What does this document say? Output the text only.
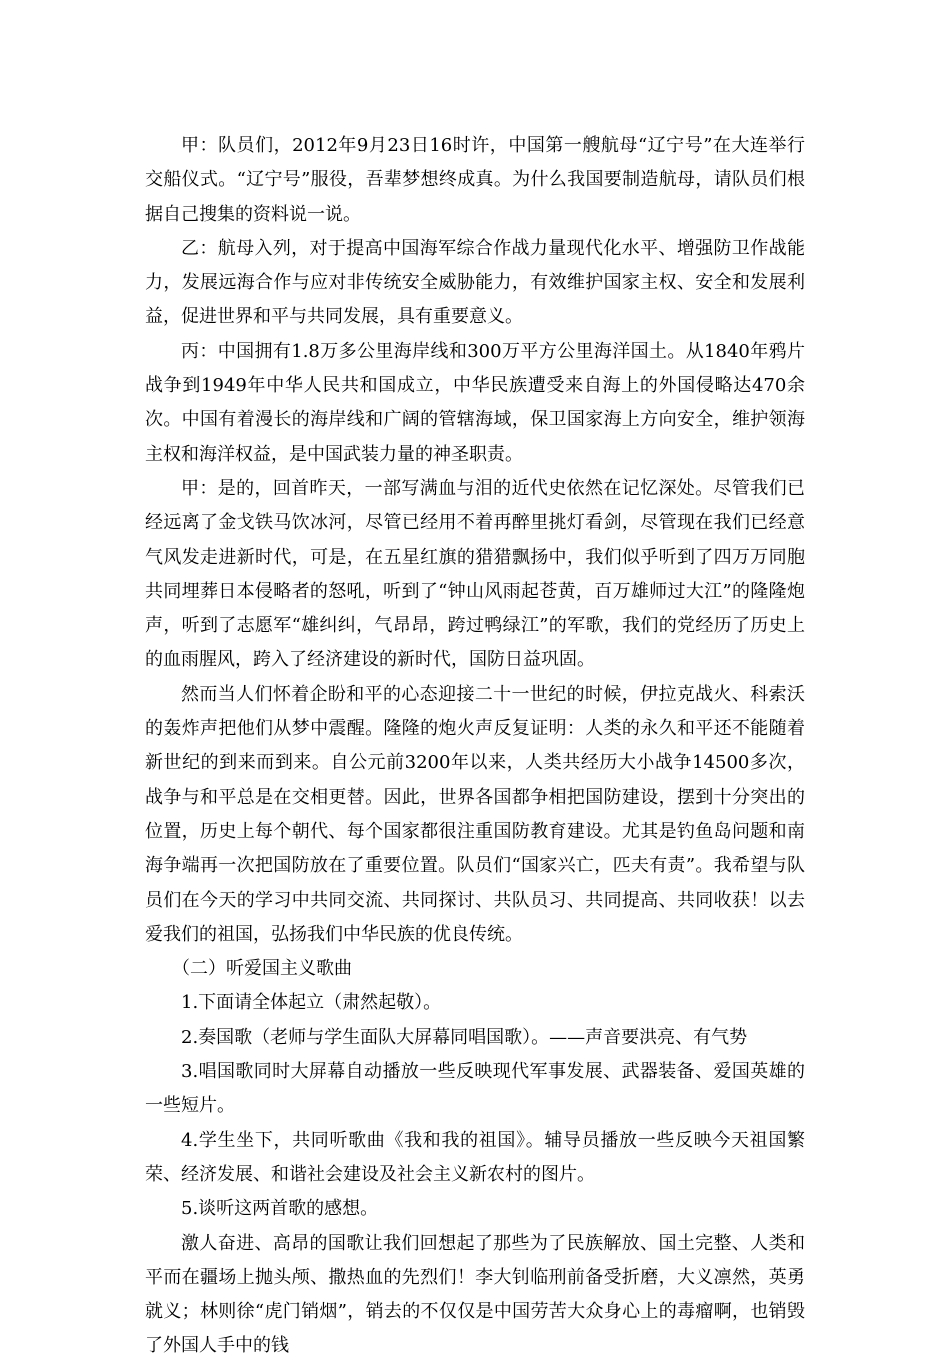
甲：队员们，2012年9月23日16时许，中国第一艘航母“辽宁号”在大连举行交船仪式。“辽宁号”服役，吾辈梦想终成真。为什么我国要制造航母，请队员们根据自己搜集的资料说一说。

乙：航母入列，对于提高中国海军综合作战力量现代化水平、增强防卫作战能力，发展远海合作与应对非传统安全威胁能力，有效维护国家主权、安全和发展利益，促进世界和平与共同发展，具有重要意义。

丙：中国拥有1.8万多公里海岸线和300万平方公里海洋国土。从1840年鸦片战争到1949年中华人民共和国成立，中华民族遭受来自海上的外国侵略达470余次。中国有着漫长的海岸线和广阔的管辖海域，保卫国家海上方向安全，维护领海主权和海洋权益，是中国武装力量的神圣职责。

甲：是的，回首昨天，一部写满血与泪的近代史依然在记忆深处。尽管我们已经远离了金戈铁马饮冰河，尽管已经用不着再醉里挑灯看剑，尽管现在我们已经意气风发走进新时代，可是，在五星红旗的猎猎飘扬中，我们似乎听到了四万万同胞共同埋葬日本侵略者的怒吼，听到了“钟山风雨起苍黄，百万雄师过大江”的隆隆炮声，听到了志愿军“雄纠纠，气昂昂，跨过鸭绿江”的军歌，我们的党经历了历史上的血雨腥风，跨入了经济建设的新时代，国防日益巩固。

然而当人们怀着企盼和平的心态迎接二十一世纪的时候，伊拉克战火、科索沃的轰炸声把他们从梦中震醒。隆隆的炮火声反复证明：人类的永久和平还不能随着新世纪的到来而到来。自公元前3200年以来，人类共经历大小战争14500多次，战争与和平总是在交相更替。因此，世界各国都争相把国防建设，摆到十分突出的位置，历史上每个朝代、每个国家都很注重国防教育建设。尤其是钓鱼岛问题和南海争端再一次把国防放在了重要位置。队员们“国家兴亡，匹夫有责”。我希望与队员们在今天的学习中共同交流、共同探讨、共队员习、共同提高、共同收获！以去爱我们的祖国，弘扬我们中华民族的优良传统。

（二）听爱国主义歌曲

1.下面请全体起立（肃然起敬）。

2.奏国歌（老师与学生面队大屏幕同唱国歌）。——声音要洪亮、有气势

3.唱国歌同时大屏幕自动播放一些反映现代军事发展、武器装备、爱国英雄的一些短片。

4.学生坐下，共同听歌曲《我和我的祖国》。辅导员播放一些反映今天祖国繁荣、经济发展、和谐社会建设及社会主义新农村的图片。

5.谈听这两首歌的感想。

激人奋进、高昂的国歌让我们回想起了那些为了民族解放、国土完整、人类和平而在疆场上抛头颅、撒热血的先烈们！李大钊临刑前备受折磨，大义凛然，英勇就义；林则徐“虎门销烟”，销去的不仅仅是中国劳苦大众身心上的毒瘤啊，也销毁了外国人手中的钱
